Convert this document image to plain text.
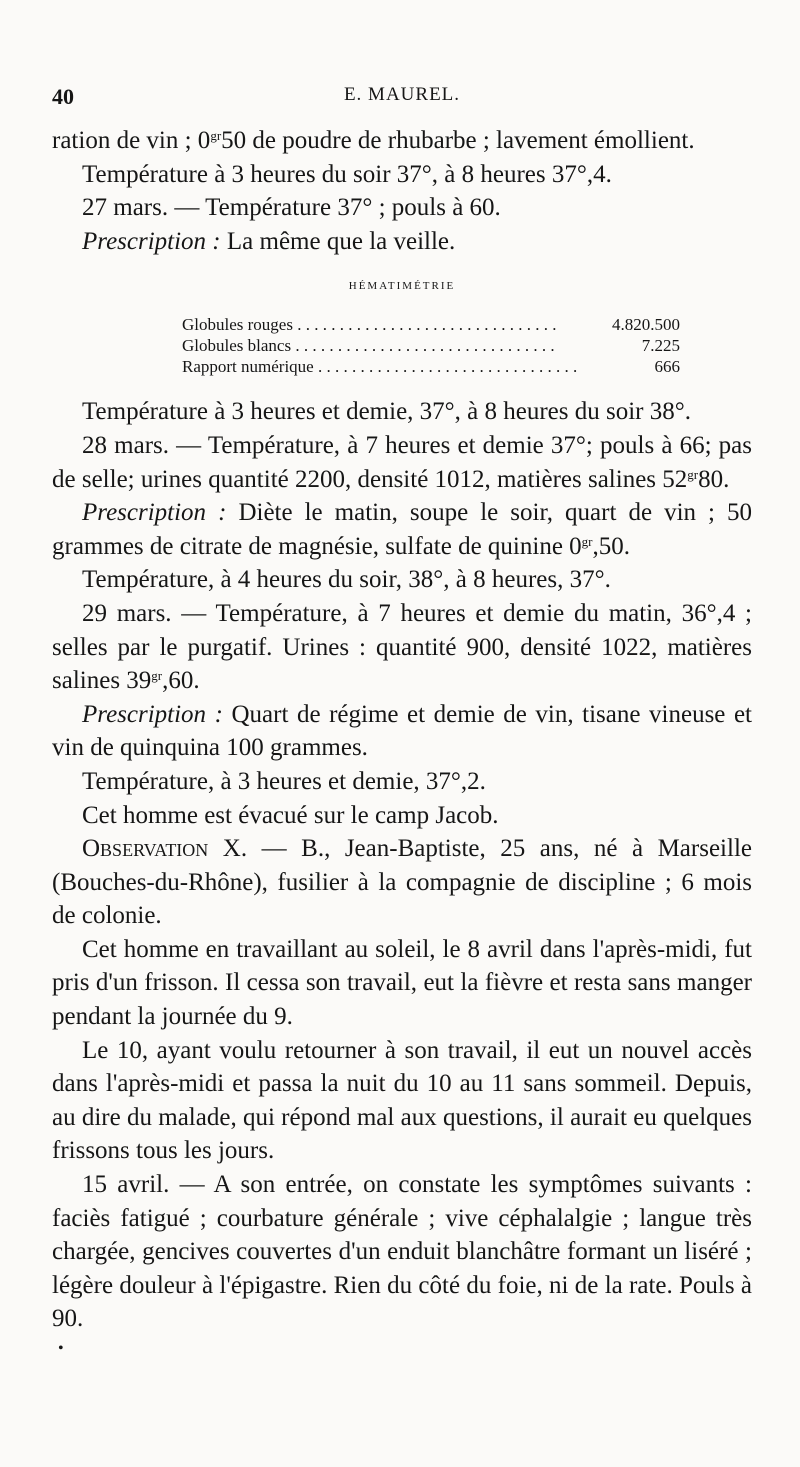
40	E. MAUREL.

ration de vin ; $0^{gr}50$ de poudre de rhubarbe ; lavement émollient.

Température à 3 heures du soir 37°, à 8 heures 37°,4.

27 mars. — Température 37° ; pouls à 60.

Prescription : La même que la veille.

HÉMATIMÉTRIE
Globules rouges . . .	4.820.500
Globules blancs . . .	7.225
Rapport numérique . . .	666

Température à 3 heures et demie, 37°, à 8 heures du soir 38°.

28 mars. — Température, à 7 heures et demie 37°; pouls à 66; pas de selle; urines quantité 2200, densité 1012, matières salines $52^{gr}80$.

Prescription : Diète le matin, soupe le soir, quart de vin ; 50 grammes de citrate de magnésie, sulfate de quinine $0^{gr},50$.

Température, à 4 heures du soir, 38°, à 8 heures, 37°.

29 mars. — Température, à 7 heures et demie du matin, 36°,4 ; selles par le purgatif. Urines : quantité 900, densité 1022, matières salines $39^{gr},60$.

Prescription : Quart de régime et demie de vin, tisane vineuse et vin de quinquina 100 grammes.

Température, à 3 heures et demie, 37°,2.

Cet homme est évacué sur le camp Jacob.

Observation X. — B., Jean-Baptiste, 25 ans, né à Marseille (Bouches-du-Rhône), fusilier à la compagnie de discipline ; 6 mois de colonie.

Cet homme en travaillant au soleil, le 8 avril dans l'après-midi, fut pris d'un frisson. Il cessa son travail, eut la fièvre et resta sans manger pendant la journée du 9.

Le 10, ayant voulu retourner à son travail, il eut un nouvel accès dans l'après-midi et passa la nuit du 10 au 11 sans sommeil. Depuis, au dire du malade, qui répond mal aux questions, il aurait eu quelques frissons tous les jours.

15 avril. — A son entrée, on constate les symptômes suivants : faciès fatigué ; courbature générale ; vive céphalalgie ; langue très chargée, gencives couvertes d'un enduit blanchâtre formant un liséré ; légère douleur à l'épigastre. Rien du côté du foie, ni de la rate. Pouls à 90.

•
